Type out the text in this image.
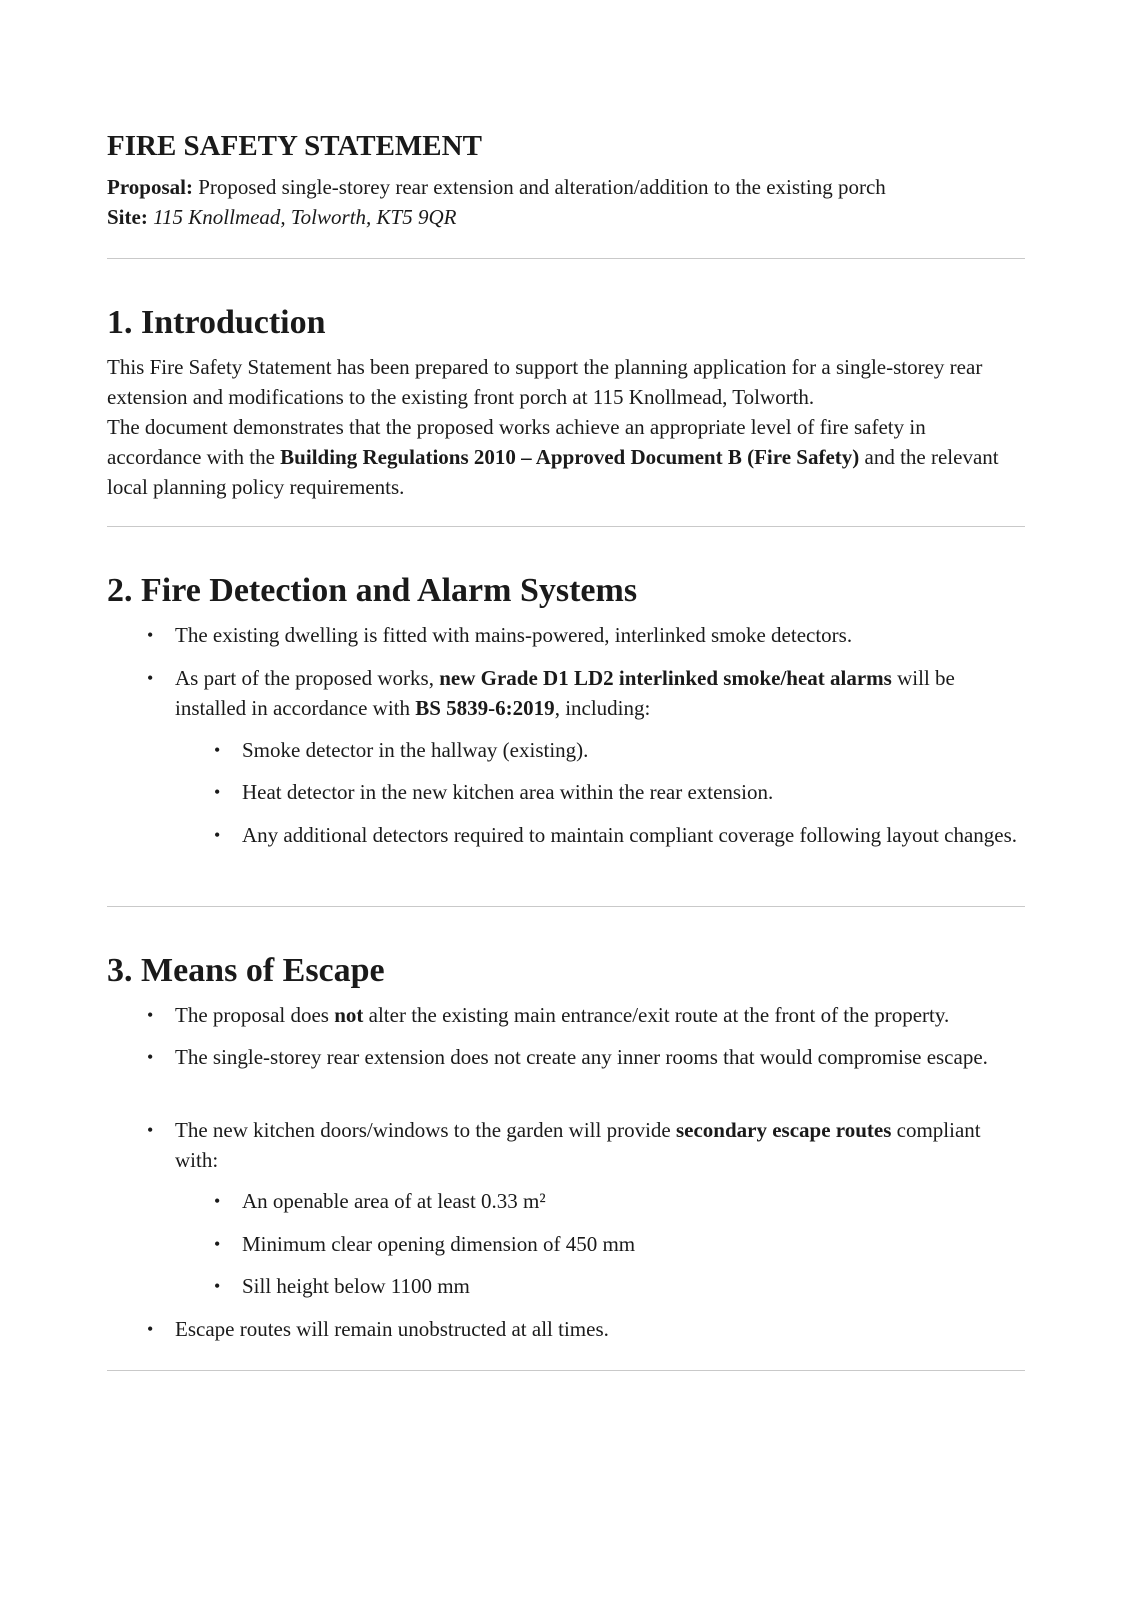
FIRE SAFETY STATEMENT
Proposal: Proposed single-storey rear extension and alteration/addition to the existing porch
Site: 115 Knollmead, Tolworth, KT5 9QR
1. Introduction

This Fire Safety Statement has been prepared to support the planning application for a single-storey rear extension and modifications to the existing front porch at 115 Knollmead, Tolworth.

The document demonstrates that the proposed works achieve an appropriate level of fire safety in accordance with the Building Regulations 2010 – Approved Document B (Fire Safety) and the relevant local planning policy requirements.

2. Fire Detection and Alarm Systems
• The existing dwelling is fitted with mains-powered, interlinked smoke detectors.
• As part of the proposed works, new Grade D1 LD2 interlinked smoke/heat alarms will be installed in accordance with BS 5839-6:2019, including:
• Smoke detector in the hallway (existing).
• Heat detector in the new kitchen area within the rear extension.
• Any additional detectors required to maintain compliant coverage following layout changes.
3. Means of Escape
• The proposal does not alter the existing main entrance/exit route at the front of the property.
• The single-storey rear extension does not create any inner rooms that would compromise escape.
• The new kitchen doors/windows to the garden will provide secondary escape routes compliant with:
• An openable area of at least 0.33 m²
• Minimum clear opening dimension of 450 mm
• Sill height below 1100 mm
• Escape routes will remain unobstructed at all times.
